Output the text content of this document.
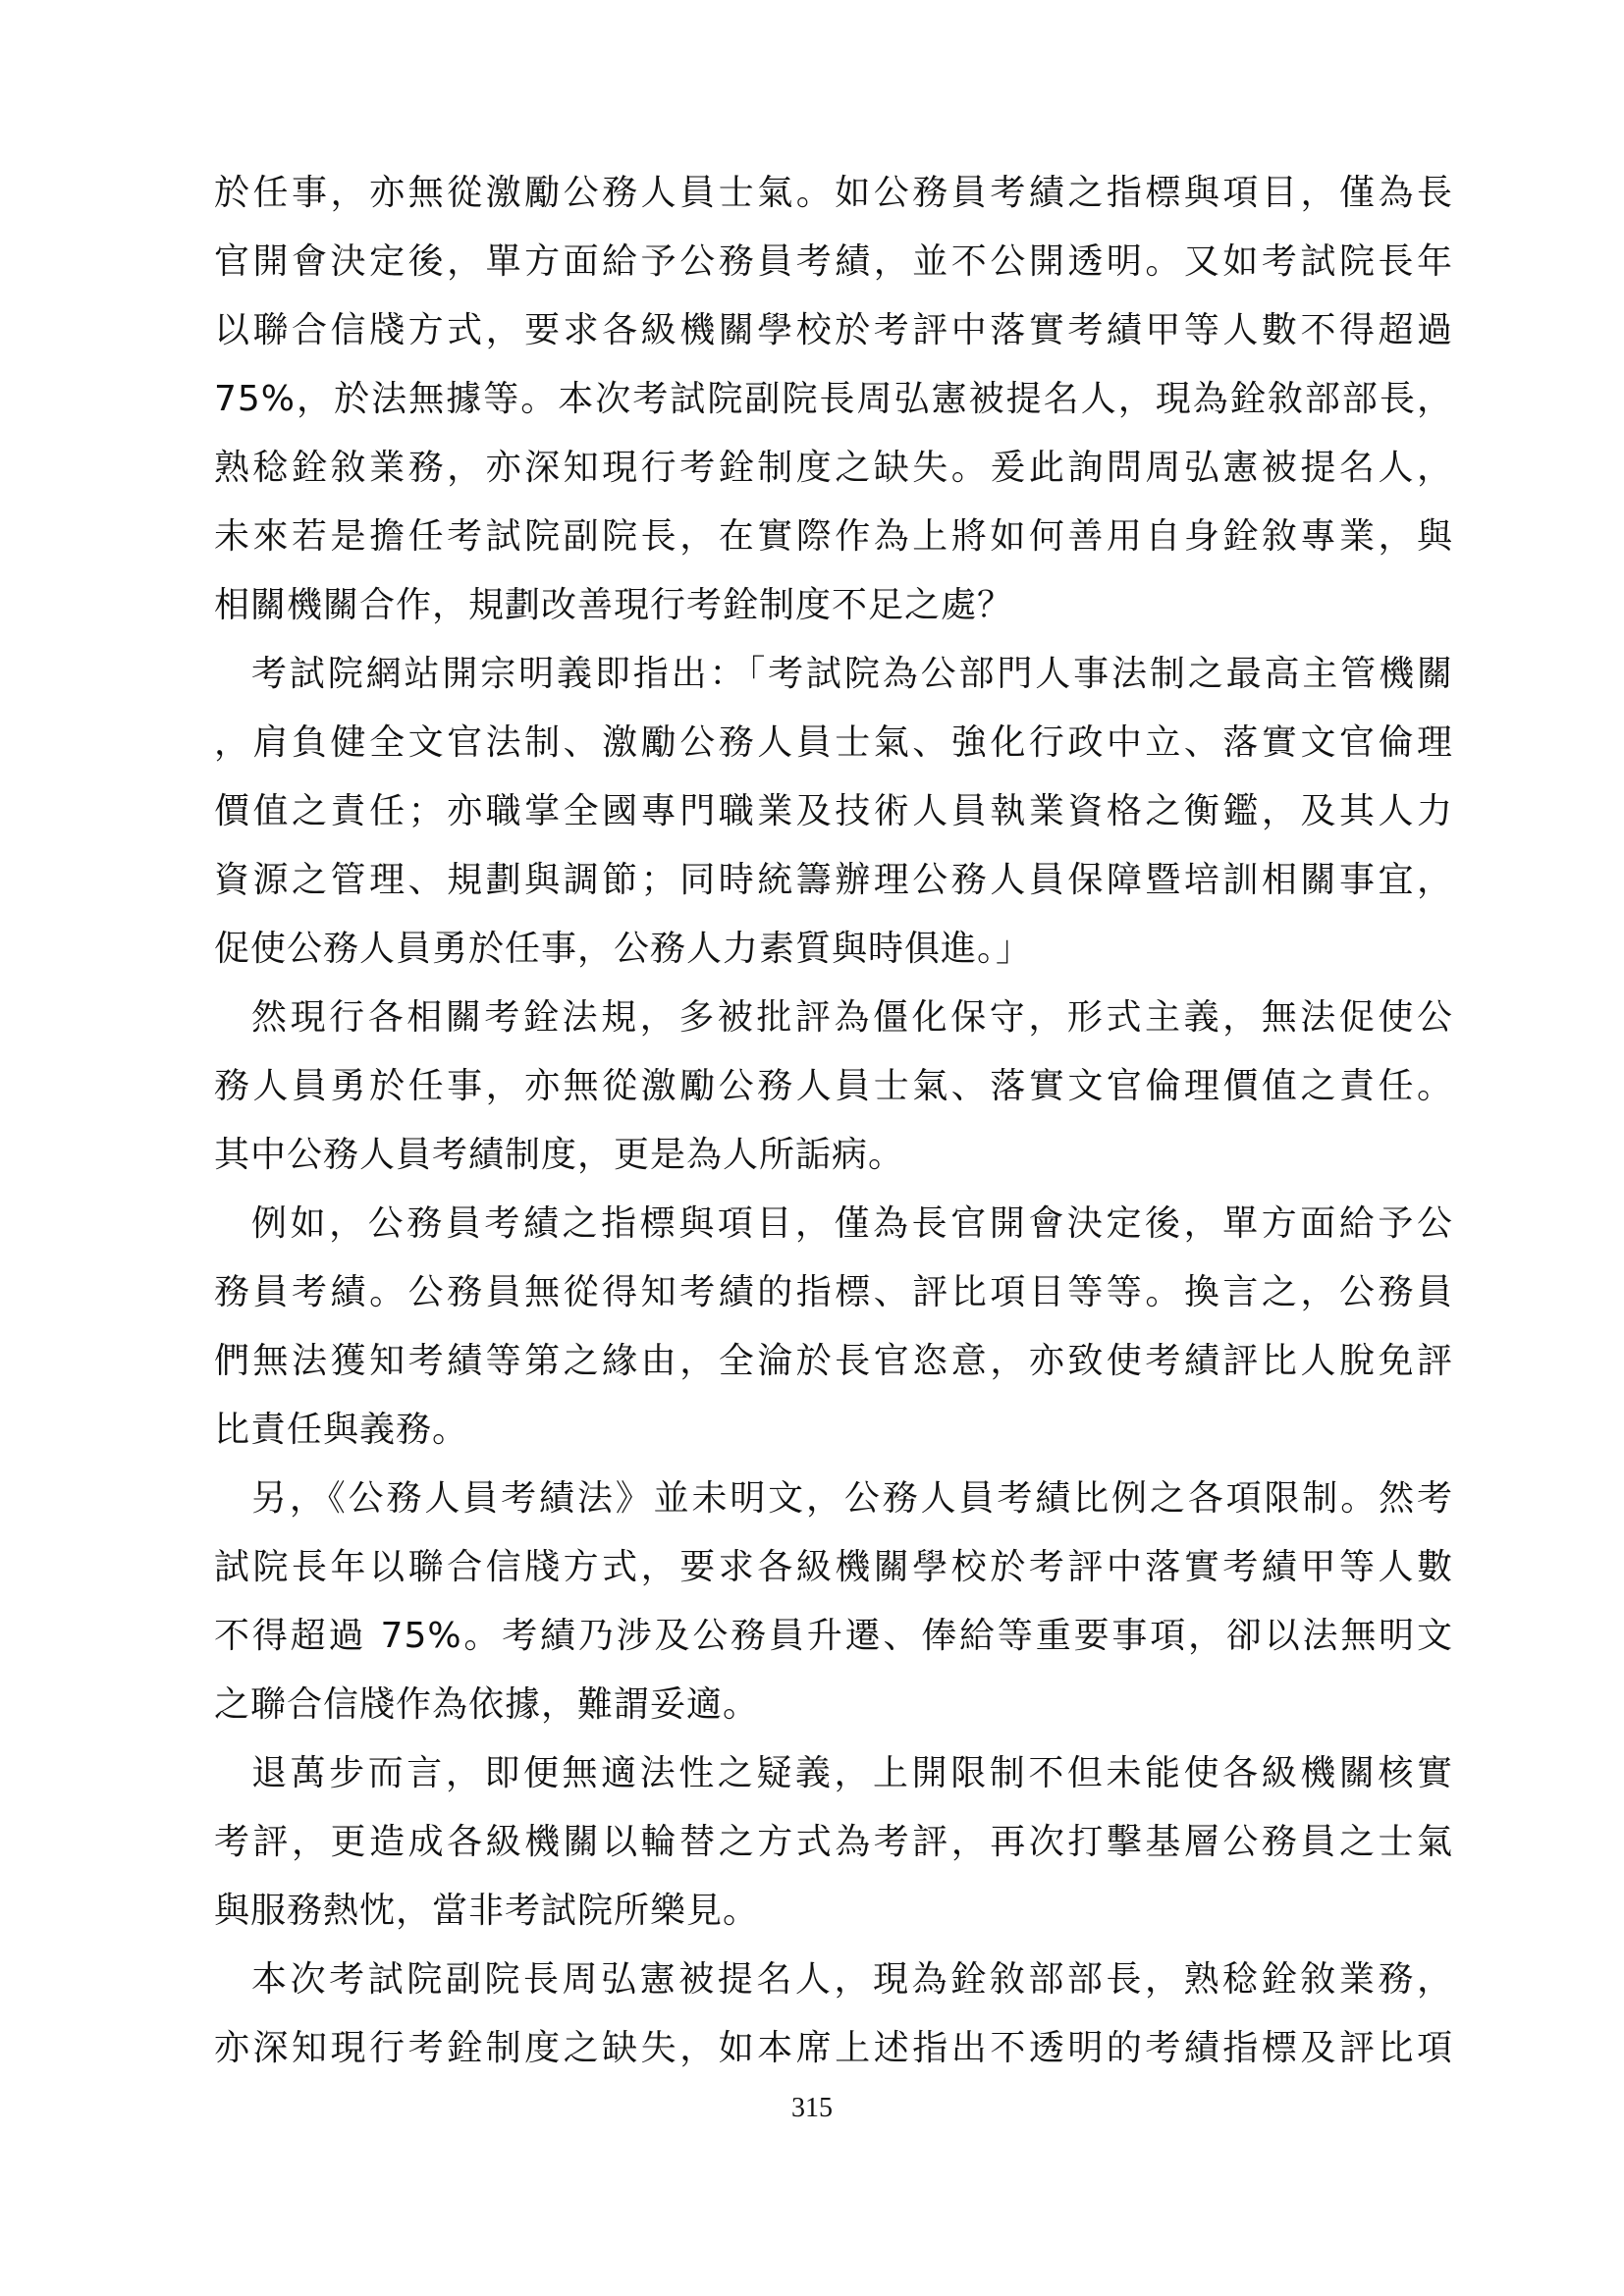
於任事，亦無從激勵公務人員士氣。如公務員考績之指標與項目，僅為長
官開會決定後，單方面給予公務員考績，並不公開透明。又如考試院長年
以聯合信牋方式，要求各級機關學校於考評中落實考績甲等人數不得超過
75%，於法無據等。本次考試院副院長周弘憲被提名人，現為銓敘部部長，
熟稔銓敘業務，亦深知現行考銓制度之缺失。爰此詢問周弘憲被提名人，
未來若是擔任考試院副院長，在實際作為上將如何善用自身銓敘專業，與
相關機關合作，規劃改善現行考銓制度不足之處？
考試院網站開宗明義即指出：「考試院為公部門人事法制之最高主管機關
，肩負健全文官法制、激勵公務人員士氣、強化行政中立、落實文官倫理
價值之責任；亦職掌全國專門職業及技術人員執業資格之衡鑑，及其人力
資源之管理、規劃與調節；同時統籌辦理公務人員保障暨培訓相關事宜，
促使公務人員勇於任事，公務人力素質與時俱進。」
然現行各相關考銓法規，多被批評為僵化保守，形式主義，無法促使公
務人員勇於任事，亦無從激勵公務人員士氣、落實文官倫理價值之責任。
其中公務人員考績制度，更是為人所詬病。
例如，公務員考績之指標與項目，僅為長官開會決定後，單方面給予公
務員考績。公務員無從得知考績的指標、評比項目等等。換言之，公務員
們無法獲知考績等第之緣由，全淪於長官恣意，亦致使考績評比人脫免評
比責任與義務。
另，《公務人員考績法》並未明文，公務人員考績比例之各項限制。然考
試院長年以聯合信牋方式，要求各級機關學校於考評中落實考績甲等人數
不得超過 75%。考績乃涉及公務員升遷、俸給等重要事項，卻以法無明文
之聯合信牋作為依據，難謂妥適。
退萬步而言，即便無適法性之疑義，上開限制不但未能使各級機關核實
考評，更造成各級機關以輪替之方式為考評，再次打擊基層公務員之士氣
與服務熱忱，當非考試院所樂見。
本次考試院副院長周弘憲被提名人，現為銓敘部部長，熟稔銓敘業務，
亦深知現行考銓制度之缺失，如本席上述指出不透明的考績指標及評比項
315
